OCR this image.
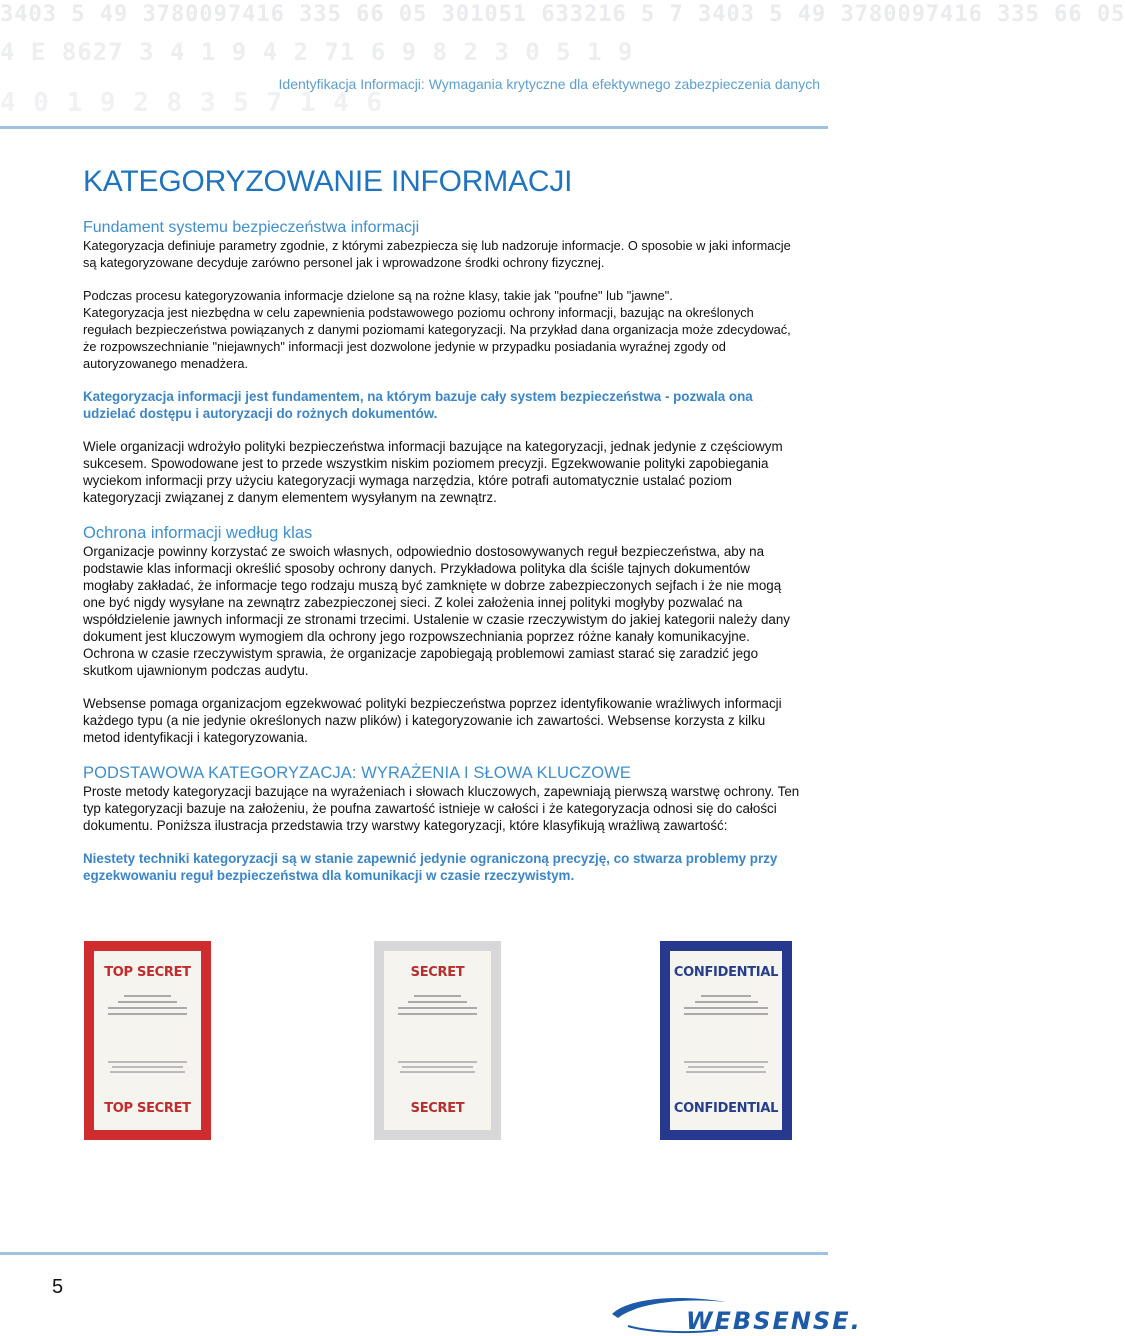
3403 5 49 3780097416 335 66 05 301051 633216 5 7 3403 5 49 3780097416 335 66 05
4 E 8627 3 4 1 9 4 2 71 6 9 8 2 3 0 5 1 9
4 0 1 9 2 8 3 5 7 1 4 6
Identyfikacja Informacji: Wymagania krytyczne dla efektywnego zabezpieczenia danych
KATEGORYZOWANIE INFORMACJI
Fundament systemu bezpieczeństwa informacji

Kategoryzacja definiuje parametry zgodnie, z którymi zabezpiecza się lub nadzoruje informacje. O sposobie w jaki informacje są kategoryzowane decyduje zarówno personel jak i wprowadzone środki ochrony fizycznej.

Podczas procesu kategoryzowania informacje dzielone są na rożne klasy, takie jak "poufne" lub "jawne".

Kategoryzacja jest niezbędna w celu zapewnienia podstawowego poziomu ochrony informacji, bazując na określonych regułach bezpieczeństwa powiązanych z danymi poziomami kategoryzacji. Na przykład dana organizacja może zdecydować, że rozpowszechnianie "niejawnych" informacji jest dozwolone jedynie w przypadku posiadania wyraźnej zgody od autoryzowanego menadżera.

Kategoryzacja informacji jest fundamentem, na którym bazuje cały system bezpieczeństwa - pozwala ona udzielać dostępu i autoryzacji do rożnych dokumentów.

Wiele organizacji wdrożyło polityki bezpieczeństwa informacji bazujące na kategoryzacji, jednak jedynie z częściowym sukcesem. Spowodowane jest to przede wszystkim niskim poziomem precyzji. Egzekwowanie polityki zapobiegania wyciekom informacji przy użyciu kategoryzacji wymaga narzędzia, które potrafi automatycznie ustalać poziom kategoryzacji związanej z danym elementem wysyłanym na zewnątrz.

Ochrona informacji według klas

Organizacje powinny korzystać ze swoich własnych, odpowiednio dostosowywanych reguł bezpieczeństwa, aby na podstawie klas informacji określić sposoby ochrony danych. Przykładowa polityka dla ściśle tajnych dokumentów mogłaby zakładać, że informacje tego rodzaju muszą być zamknięte w dobrze zabezpieczonych sejfach i że nie mogą one być nigdy wysyłane na zewnątrz zabezpieczonej sieci. Z kolei założenia innej polityki mogłyby pozwalać na współdzielenie jawnych informacji ze stronami trzecimi. Ustalenie w czasie rzeczywistym do jakiej kategorii należy dany dokument jest kluczowym wymogiem dla ochrony jego rozpowszechniania poprzez różne kanały komunikacyjne. Ochrona w czasie rzeczywistym sprawia, że organizacje zapobiegają problemowi zamiast starać się zaradzić jego skutkom ujawnionym podczas audytu.

Websense pomaga organizacjom egzekwować polityki bezpieczeństwa poprzez identyfikowanie wrażliwych informacji każdego typu (a nie jedynie określonych nazw plików) i kategoryzowanie ich zawartości. Websense korzysta z kilku metod identyfikacji i kategoryzowania.

PODSTAWOWA KATEGORYZACJA: WYRAŻENIA I SŁOWA KLUCZOWE

Proste metody kategoryzacji bazujące na wyrażeniach i słowach kluczowych, zapewniają pierwszą warstwę ochrony. Ten typ kategoryzacji bazuje na założeniu, że poufna zawartość istnieje w całości i że kategoryzacja odnosi się do całości dokumentu. Poniższa ilustracja przedstawia trzy warstwy kategoryzacji, które klasyfikują wrażliwą zawartość:

Niestety techniki kategoryzacji są w stanie zapewnić jedynie ograniczoną precyzję, co stwarza problemy przy egzekwowaniu reguł bezpieczeństwa dla komunikacji w czasie rzeczywistym.

TOP SECRET
TOP SECRET
SECRET
SECRET
CONFIDENTIAL
CONFIDENTIAL
5
WEBSENSE.
